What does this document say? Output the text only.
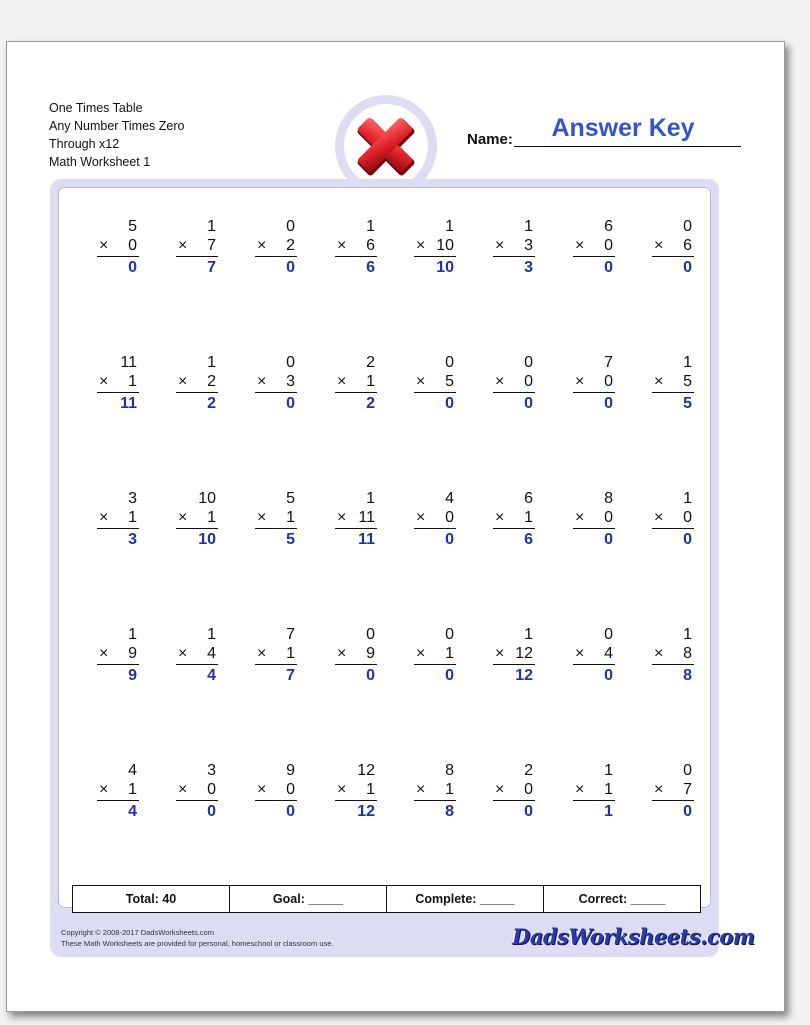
One Times Table
Any Number Times Zero
Through x12
Math Worksheet 1
Name:	Answer Key
5
× 0
0
1
× 7
7
0
× 2
0
1
× 6
6
1
× 10
10
1
× 3
3
6
× 0
0
0
× 6
0
11
× 1
11
1
× 2
2
0
× 3
0
2
× 1
2
0
× 5
0
0
× 0
0
7
× 0
0
1
× 5
5
3
× 1
3
10
× 1
10
5
× 1
5
1
× 11
11
4
× 0
0
6
× 1
6
8
× 0
0
1
× 0
0
1
× 9
9
1
× 4
4
7
× 1
7
0
× 9
0
0
× 1
0
1
× 12
12
0
× 4
0
1
× 8
8
4
× 1
4
3
× 0
0
9
× 0
0
12
× 1
12
8
× 1
8
2
× 0
0
1
× 1
1
0
× 7
0
Total: 40	Goal: _____	Complete: _____	Correct: _____
Copyright © 2008-2017 DadsWorksheets.com
These Math Worksheets are provided for personal, homeschool or classroom use.	DadsWorksheets.com
